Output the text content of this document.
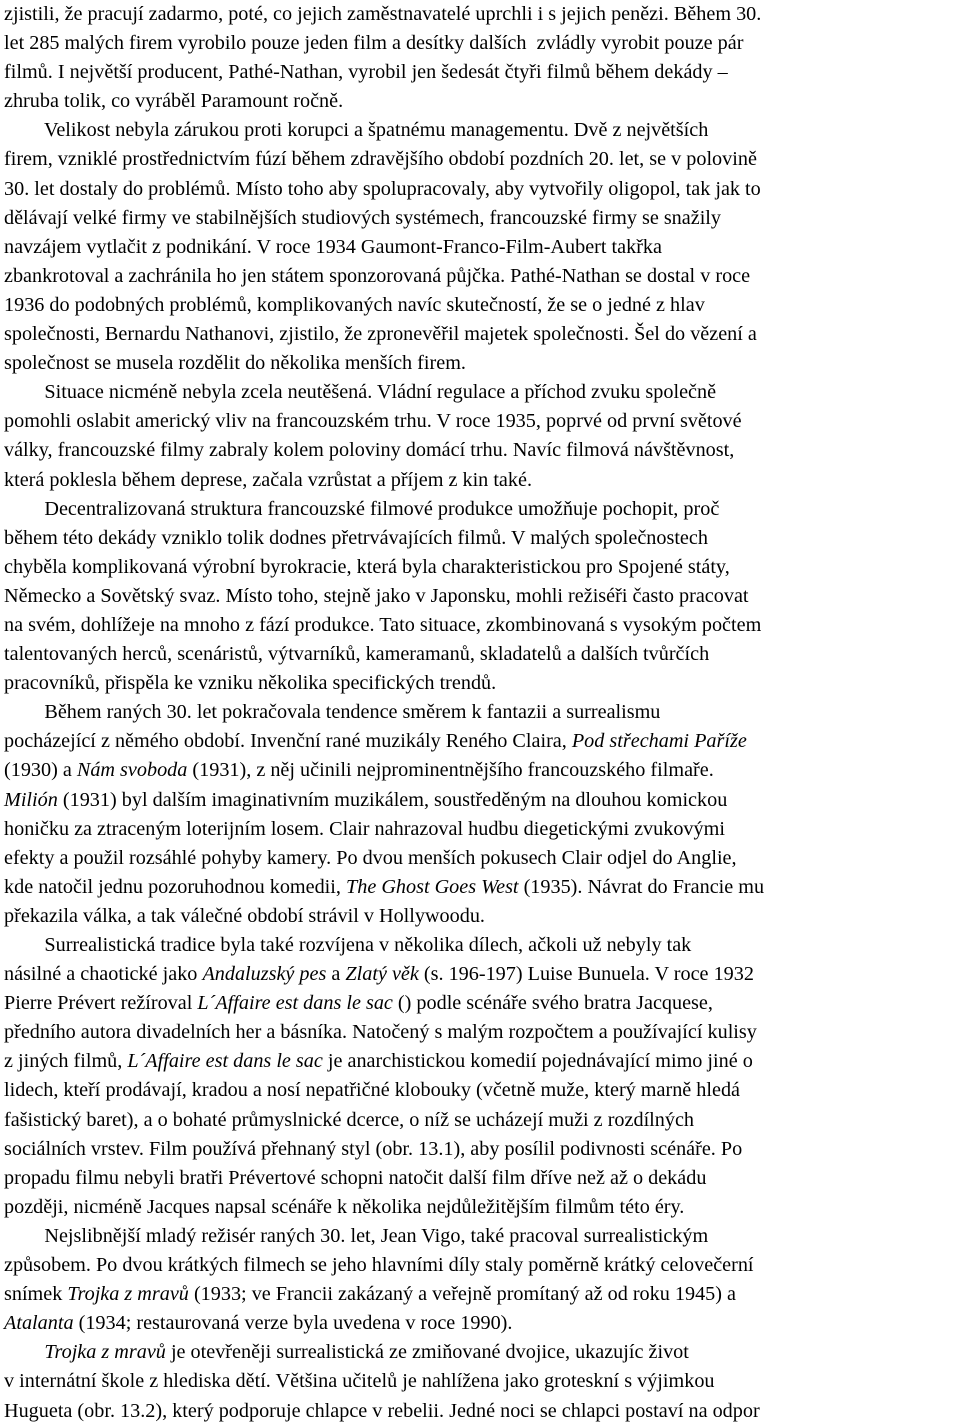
zjistili, že pracují zadarmo, poté, co jejich zaměstnavatelé uprchli i s jejich penězi. Během 30.
let 285 malých firem vyrobilo pouze jeden film a desítky dalších  zvládly vyrobit pouze pár
filmů. I největší producent, Pathé-Nathan, vyrobil jen šedesát čtyři filmů během dekády –
zhruba tolik, co vyráběl Paramount ročně.
Velikost nebyla zárukou proti korupci a špatnému managementu. Dvě z největších
firem, vzniklé prostřednictvím fúzí během zdravějšího období pozdních 20. let, se v polovině
30. let dostaly do problémů. Místo toho aby spolupracovaly, aby vytvořily oligopol, tak jak to
dělávají velké firmy ve stabilnějších studiových systémech, francouzské firmy se snažily
navzájem vytlačit z podnikání. V roce 1934 Gaumont-Franco-Film-Aubert takřka
zbankrotoval a zachránila ho jen státem sponzorovaná půjčka. Pathé-Nathan se dostal v roce
1936 do podobných problémů, komplikovaných navíc skutečností, že se o jedné z hlav
společnosti, Bernardu Nathanovi, zjistilo, že zpronevěřil majetek společnosti. Šel do vězení a
společnost se musela rozdělit do několika menších firem.
Situace nicméně nebyla zcela neutěšená. Vládní regulace a příchod zvuku společně
pomohli oslabit americký vliv na francouzském trhu. V roce 1935, poprvé od první světové
války, francouzské filmy zabraly kolem poloviny domácí trhu. Navíc filmová návštěvnost,
která poklesla během deprese, začala vzrůstat a příjem z kin také.
Decentralizovaná struktura francouzské filmové produkce umožňuje pochopit, proč
během této dekády vzniklo tolik dodnes přetrvávajících filmů. V malých společnostech
chyběla komplikovaná výrobní byrokracie, která byla charakteristickou pro Spojené státy,
Německo a Sovětský svaz. Místo toho, stejně jako v Japonsku, mohli režiséři často pracovat
na svém, dohlížeje na mnoho z fází produkce. Tato situace, zkombinovaná s vysokým počtem
talentovaných herců, scenáristů, výtvarníků, kameramanů, skladatelů a dalších tvůrčích
pracovníků, přispěla ke vzniku několika specifických trendů.
Během raných 30. let pokračovala tendence směrem k fantazii a surrealismu
pocházející z němého období. Invenční rané muzikály Reného Claira, Pod střechami Paříže
(1930) a Nám svoboda (1931), z něj učinili nejprominentnějšího francouzského filmaře.
Milión (1931) byl dalším imaginativním muzikálem, soustředěným na dlouhou komickou
honičku za ztraceným loterijním losem. Clair nahrazoval hudbu diegetickými zvukovými
efekty a použil rozsáhlé pohyby kamery. Po dvou menších pokusech Clair odjel do Anglie,
kde natočil jednu pozoruhodnou komedii, The Ghost Goes West (1935). Návrat do Francie mu
překazila válka, a tak válečné období strávil v Hollywoodu.
Surrealistická tradice byla také rozvíjena v několika dílech, ačkoli už nebyly tak
násilné a chaotické jako Andaluzský pes a Zlatý věk (s. 196-197) Luise Bunuela. V roce 1932
Pierre Prévert režíroval L´Affaire est dans le sac () podle scénáře svého bratra Jacquese,
předního autora divadelních her a básníka. Natočený s malým rozpočtem a používající kulisy
z jiných filmů, L´Affaire est dans le sac je anarchistickou komedií pojednávající mimo jiné o
lidech, kteří prodávají, kradou a nosí nepatřičné klobouky (včetně muže, který marně hledá
fašistický baret), a o bohaté průmyslnické dcerce, o níž se ucházejí muži z rozdílných
sociálních vrstev. Film používá přehnaný styl (obr. 13.1), aby posílil podivnosti scénáře. Po
propadu filmu nebyli bratři Prévertové schopni natočit další film dříve než až o dekádu
později, nicméně Jacques napsal scénáře k několika nejdůležitějším filmům této éry.
Nejslibnější mladý režisér raných 30. let, Jean Vigo, také pracoval surrealistickým
způsobem. Po dvou krátkých filmech se jeho hlavními díly staly poměrně krátký celovečerní
snímek Trojka z mravů (1933; ve Francii zakázaný a veřejně promítaný až od roku 1945) a
Atalanta (1934; restaurovaná verze byla uvedena v roce 1990).
Trojka z mravů je otevřeněji surrealistická ze zmiňované dvojice, ukazujíc život
v internátní škole z hlediska dětí. Většina učitelů je nahlížena jako groteskní s výjimkou
Hugueta (obr. 13.2), který podporuje chlapce v rebelii. Jedné noci se chlapci postaví na odpor
